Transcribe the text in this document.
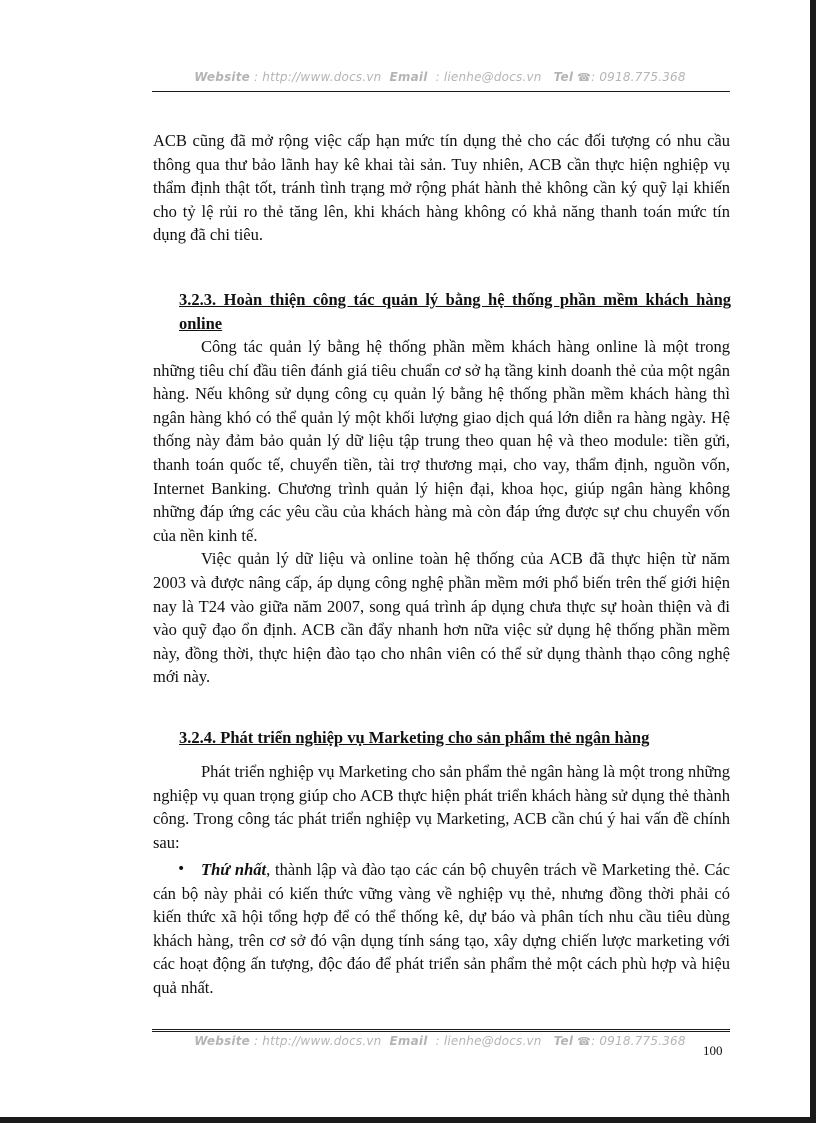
Website : http://www.docs.vn Email : lienhe@docs.vn Tel ☎: 0918.775.368

ACB cũng đã mở rộng việc cấp hạn mức tín dụng thẻ cho các đối tượng có nhu cầu thông qua thư bảo lãnh hay kê khai tài sản. Tuy nhiên, ACB cần thực hiện nghiệp vụ thẩm định thật tốt, tránh tình trạng mở rộng phát hành thẻ không cần ký quỹ lại khiến cho tỷ lệ rủi ro thẻ tăng lên, khi khách hàng không có khả năng thanh toán mức tín dụng đã chi tiêu.

3.2.3. Hoàn thiện công tác quản lý bằng hệ thống phần mềm khách hàng online

Công tác quản lý bằng hệ thống phần mềm khách hàng online là một trong những tiêu chí đầu tiên đánh giá tiêu chuẩn cơ sở hạ tầng kinh doanh thẻ của một ngân hàng. Nếu không sử dụng công cụ quản lý bằng hệ thống phần mềm khách hàng thì ngân hàng khó có thể quản lý một khối lượng giao dịch quá lớn diễn ra hàng ngày. Hệ thống này đảm bảo quản lý dữ liệu tập trung theo quan hệ và theo module: tiền gửi, thanh toán quốc tế, chuyển tiền, tài trợ thương mại, cho vay, thẩm định, nguồn vốn, Internet Banking. Chương trình quản lý hiện đại, khoa học, giúp ngân hàng không những đáp ứng các yêu cầu của khách hàng mà còn đáp ứng được sự chu chuyển vốn của nền kinh tế.

Việc quản lý dữ liệu và online toàn hệ thống của ACB đã thực hiện từ năm 2003 và được nâng cấp, áp dụng công nghệ phần mềm mới phổ biến trên thế giới hiện nay là T24 vào giữa năm 2007, song quá trình áp dụng chưa thực sự hoàn thiện và đi vào quỹ đạo ổn định. ACB cần đẩy nhanh hơn nữa việc sử dụng hệ thống phần mềm này, đồng thời, thực hiện đào tạo cho nhân viên có thể sử dụng thành thạo công nghệ mới này.

3.2.4. Phát triển nghiệp vụ Marketing cho sản phẩm thẻ ngân hàng

Phát triển nghiệp vụ Marketing cho sản phẩm thẻ ngân hàng là một trong những nghiệp vụ quan trọng giúp cho ACB thực hiện phát triển khách hàng sử dụng thẻ thành công. Trong công tác phát triển nghiệp vụ Marketing, ACB cần chú ý hai vấn đề chính sau:

• Thứ nhất, thành lập và đào tạo các cán bộ chuyên trách về Marketing thẻ. Các cán bộ này phải có kiến thức vững vàng về nghiệp vụ thẻ, nhưng đồng thời phải có kiến thức xã hội tổng hợp để có thể thống kê, dự báo và phân tích nhu cầu tiêu dùng khách hàng, trên cơ sở đó vận dụng tính sáng tạo, xây dựng chiến lược marketing với các hoạt động ấn tượng, độc đáo để phát triển sản phẩm thẻ một cách phù hợp và hiệu quả nhất.
Website : http://www.docs.vn Email : lienhe@docs.vn Tel ☎: 0918.775.368
100
